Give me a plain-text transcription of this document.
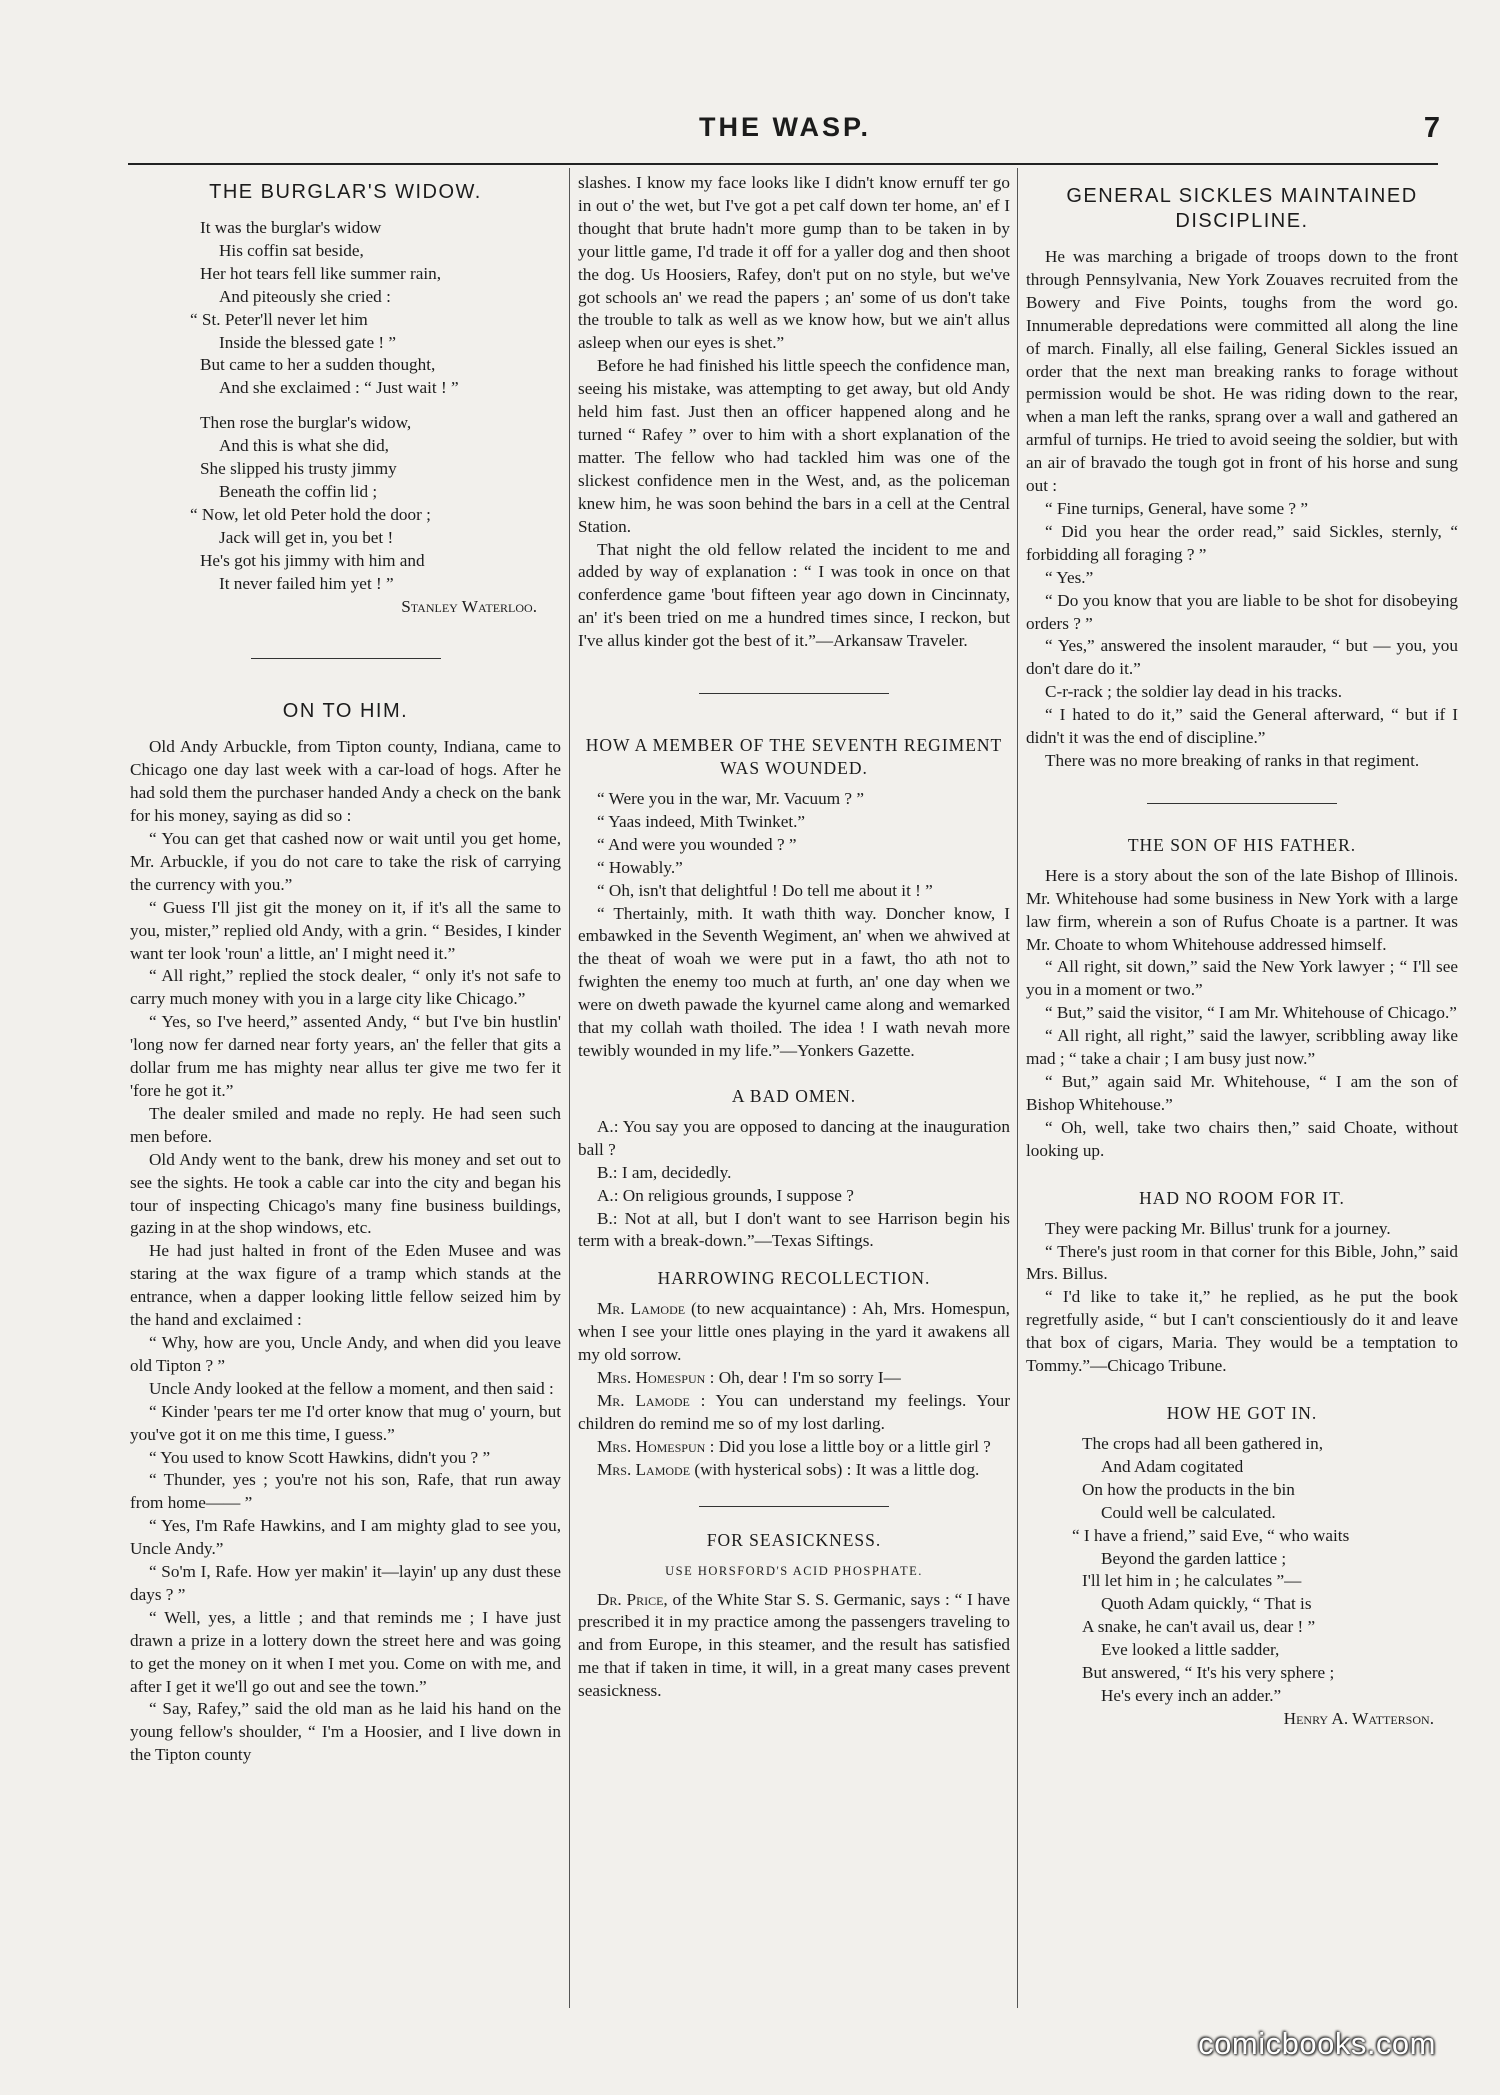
THE WASP.	7
THE BURGLAR'S WIDOW.
It was the burglar's widow
His coffin sat beside,
Her hot tears fell like summer rain,
And piteously she cried :
“ St. Peter'll never let him
Inside the blessed gate ! ”
But came to her a sudden thought,
And she exclaimed : “ Just wait ! ”
Then rose the burglar's widow,
And this is what she did,
She slipped his trusty jimmy
Beneath the coffin lid ;
“ Now, let old Peter hold the door ;
Jack will get in, you bet !
He's got his jimmy with him and
It never failed him yet ! ”
Stanley Waterloo.
ON TO HIM.

Old Andy Arbuckle, from Tipton county, Indiana, came to Chicago one day last week with a car-load of hogs. After he had sold them the purchaser handed Andy a check on the bank for his money, saying as did so :

“ You can get that cashed now or wait until you get home, Mr. Arbuckle, if you do not care to take the risk of carrying the currency with you.”

“ Guess I'll jist git the money on it, if it's all the same to you, mister,” replied old Andy, with a grin. “ Besides, I kinder want ter look 'roun' a little, an' I might need it.”

“ All right,” replied the stock dealer, “ only it's not safe to carry much money with you in a large city like Chicago.”

“ Yes, so I've heerd,” assented Andy, “ but I've bin hustlin' 'long now fer darned near forty years, an' the feller that gits a dollar frum me has mighty near allus ter give me two fer it 'fore he got it.”

The dealer smiled and made no reply. He had seen such men before.

Old Andy went to the bank, drew his money and set out to see the sights. He took a cable car into the city and began his tour of inspecting Chicago's many fine business buildings, gazing in at the shop windows, etc.

He had just halted in front of the Eden Musee and was staring at the wax figure of a tramp which stands at the entrance, when a dapper looking little fellow seized him by the hand and exclaimed :

“ Why, how are you, Uncle Andy, and when did you leave old Tipton ? ”

Uncle Andy looked at the fellow a moment, and then said :

“ Kinder 'pears ter me I'd orter know that mug o' yourn, but you've got it on me this time, I guess.”

“ You used to know Scott Hawkins, didn't you ? ”

“ Thunder, yes ; you're not his son, Rafe, that run away from home—— ”

“ Yes, I'm Rafe Hawkins, and I am mighty glad to see you, Uncle Andy.”

“ So'm I, Rafe. How yer makin' it—layin' up any dust these days ? ”

“ Well, yes, a little ; and that reminds me ; I have just drawn a prize in a lottery down the street here and was going to get the money on it when I met you. Come on with me, and after I get it we'll go out and see the town.”

“ Say, Rafey,” said the old man as he laid his hand on the young fellow's shoulder, “ I'm a Hoosier, and I live down in the Tipton county

slashes. I know my face looks like I didn't know ernuff ter go in out o' the wet, but I've got a pet calf down ter home, an' ef I thought that brute hadn't more gump than to be taken in by your little game, I'd trade it off for a yaller dog and then shoot the dog. Us Hoosiers, Rafey, don't put on no style, but we've got schools an' we read the papers ; an' some of us don't take the trouble to talk as well as we know how, but we ain't allus asleep when our eyes is shet.”

Before he had finished his little speech the confidence man, seeing his mistake, was attempting to get away, but old Andy held him fast. Just then an officer happened along and he turned “ Rafey ” over to him with a short explanation of the matter. The fellow who had tackled him was one of the slickest confidence men in the West, and, as the policeman knew him, he was soon behind the bars in a cell at the Central Station.

That night the old fellow related the incident to me and added by way of explanation : “ I was took in once on that conferdence game 'bout fifteen year ago down in Cincinnaty, an' it's been tried on me a hundred times since, I reckon, but I've allus kinder got the best of it.”—Arkansaw Traveler.

HOW A MEMBER OF THE SEVENTH REGIMENT WAS WOUNDED.

“ Were you in the war, Mr. Vacuum ? ”

“ Yaas indeed, Mith Twinket.”

“ And were you wounded ? ”

“ Howably.”

“ Oh, isn't that delightful ! Do tell me about it ! ”

“ Thertainly, mith. It wath thith way. Doncher know, I embawked in the Seventh Wegiment, an' when we ahwived at the theat of woah we were put in a fawt, tho ath not to fwighten the enemy too much at furth, an' one day when we were on dweth pawade the kyurnel came along and wemarked that my collah wath thoiled. The idea ! I wath nevah more tewibly wounded in my life.”—Yonkers Gazette.

A BAD OMEN.

A.: You say you are opposed to dancing at the inauguration ball ?

B.: I am, decidedly.

A.: On religious grounds, I suppose ?

B.: Not at all, but I don't want to see Harrison begin his term with a break-down.”—Texas Siftings.

HARROWING RECOLLECTION.

Mr. Lamode (to new acquaintance) : Ah, Mrs. Homespun, when I see your little ones playing in the yard it awakens all my old sorrow.

Mrs. Homespun : Oh, dear ! I'm so sorry I—

Mr. Lamode : You can understand my feelings. Your children do remind me so of my lost darling.

Mrs. Homespun : Did you lose a little boy or a little girl ?

Mrs. Lamode (with hysterical sobs) : It was a little dog.

FOR SEASICKNESS.
USE HORSFORD'S ACID PHOSPHATE.

Dr. Price, of the White Star S. S. Germanic, says : “ I have prescribed it in my practice among the passengers traveling to and from Europe, in this steamer, and the result has satisfied me that if taken in time, it will, in a great many cases prevent seasickness.

GENERAL SICKLES MAINTAINED DISCIPLINE.

He was marching a brigade of troops down to the front through Pennsylvania, New York Zouaves recruited from the Bowery and Five Points, toughs from the word go. Innumerable depredations were committed all along the line of march. Finally, all else failing, General Sickles issued an order that the next man breaking ranks to forage without permission would be shot. He was riding down to the rear, when a man left the ranks, sprang over a wall and gathered an armful of turnips. He tried to avoid seeing the soldier, but with an air of bravado the tough got in front of his horse and sung out :

“ Fine turnips, General, have some ? ”

“ Did you hear the order read,” said Sickles, sternly, “ forbidding all foraging ? ”

“ Yes.”

“ Do you know that you are liable to be shot for disobeying orders ? ”

“ Yes,” answered the insolent marauder, “ but — you, you don't dare do it.”

C-r-rack ; the soldier lay dead in his tracks.

“ I hated to do it,” said the General afterward, “ but if I didn't it was the end of discipline.”

There was no more breaking of ranks in that regiment.

THE SON OF HIS FATHER.

Here is a story about the son of the late Bishop of Illinois. Mr. Whitehouse had some business in New York with a large law firm, wherein a son of Rufus Choate is a partner. It was Mr. Choate to whom Whitehouse addressed himself.

“ All right, sit down,” said the New York lawyer ; “ I'll see you in a moment or two.”

“ But,” said the visitor, “ I am Mr. Whitehouse of Chicago.”

“ All right, all right,” said the lawyer, scribbling away like mad ; “ take a chair ; I am busy just now.”

“ But,” again said Mr. Whitehouse, “ I am the son of Bishop Whitehouse.”

“ Oh, well, take two chairs then,” said Choate, without looking up.

HAD NO ROOM FOR IT.

They were packing Mr. Billus' trunk for a journey.

“ There's just room in that corner for this Bible, John,” said Mrs. Billus.

“ I'd like to take it,” he replied, as he put the book regretfully aside, “ but I can't conscientiously do it and leave that box of cigars, Maria. They would be a temptation to Tommy.”—Chicago Tribune.

HOW HE GOT IN.
The crops had all been gathered in,
And Adam cogitated
On how the products in the bin
Could well be calculated.
“ I have a friend,” said Eve, “ who waits
Beyond the garden lattice ;
I'll let him in ; he calculates ”—
Quoth Adam quickly, “ That is
A snake, he can't avail us, dear ! ”
Eve looked a little sadder,
But answered, “ It's his very sphere ;
He's every inch an adder.”
Henry A. Watterson.
comicbooks.com
